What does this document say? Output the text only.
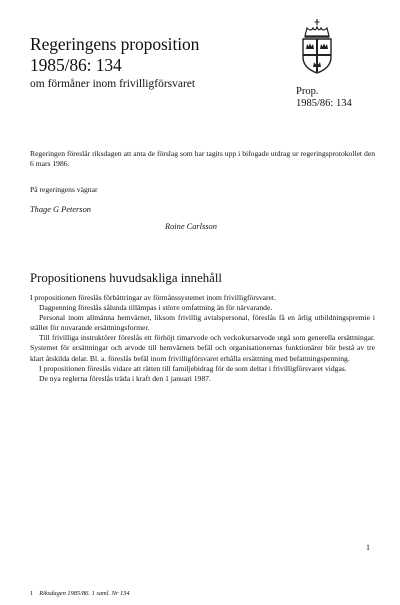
Regeringens proposition
1985/86: 134
om förmåner inom frivilligförsvaret
Prop.
1985/86: 134
Regeringen föreslår riksdagen att anta de förslag som har tagits upp i bifogade utdrag ur regeringsprotokollet den 6 mars 1986.
På regeringens vägnar
Thage G Peterson
Roine Carlsson
Propositionens huvudsakliga innehåll

I propositionen föreslås förbättringar av förmånssystemet inom frivilligförsvaret.

Dagpenning föreslås sålunda tillämpas i större omfattning än för närvarande.

Personal inom allmänna hemvärnet, liksom frivillig avtalspersonal, föreslås få en årlig utbildningspremie i stället för nuvarande ersättningsformer.

Till frivilliga instruktörer föreslås ett förhöjt timarvode och veckokursarvode utgå som generella ersättningar. Systemet för ersättningar och arvode till hemvärnets befäl och organisationernas funktionärer bör bestå av tre klart åtskilda delar. Bl. a. föreslås befäl inom frivilligförsvaret erhålla ersättning med befattningspenning.

I propositionen föreslås vidare att rätten till familjebidrag för de som deltar i frivilligförsvaret vidgas.

De nya reglerna föreslås träda i kraft den 1 januari 1987.

1
1 Riksdagen 1985/86. 1 saml. Nr 134
